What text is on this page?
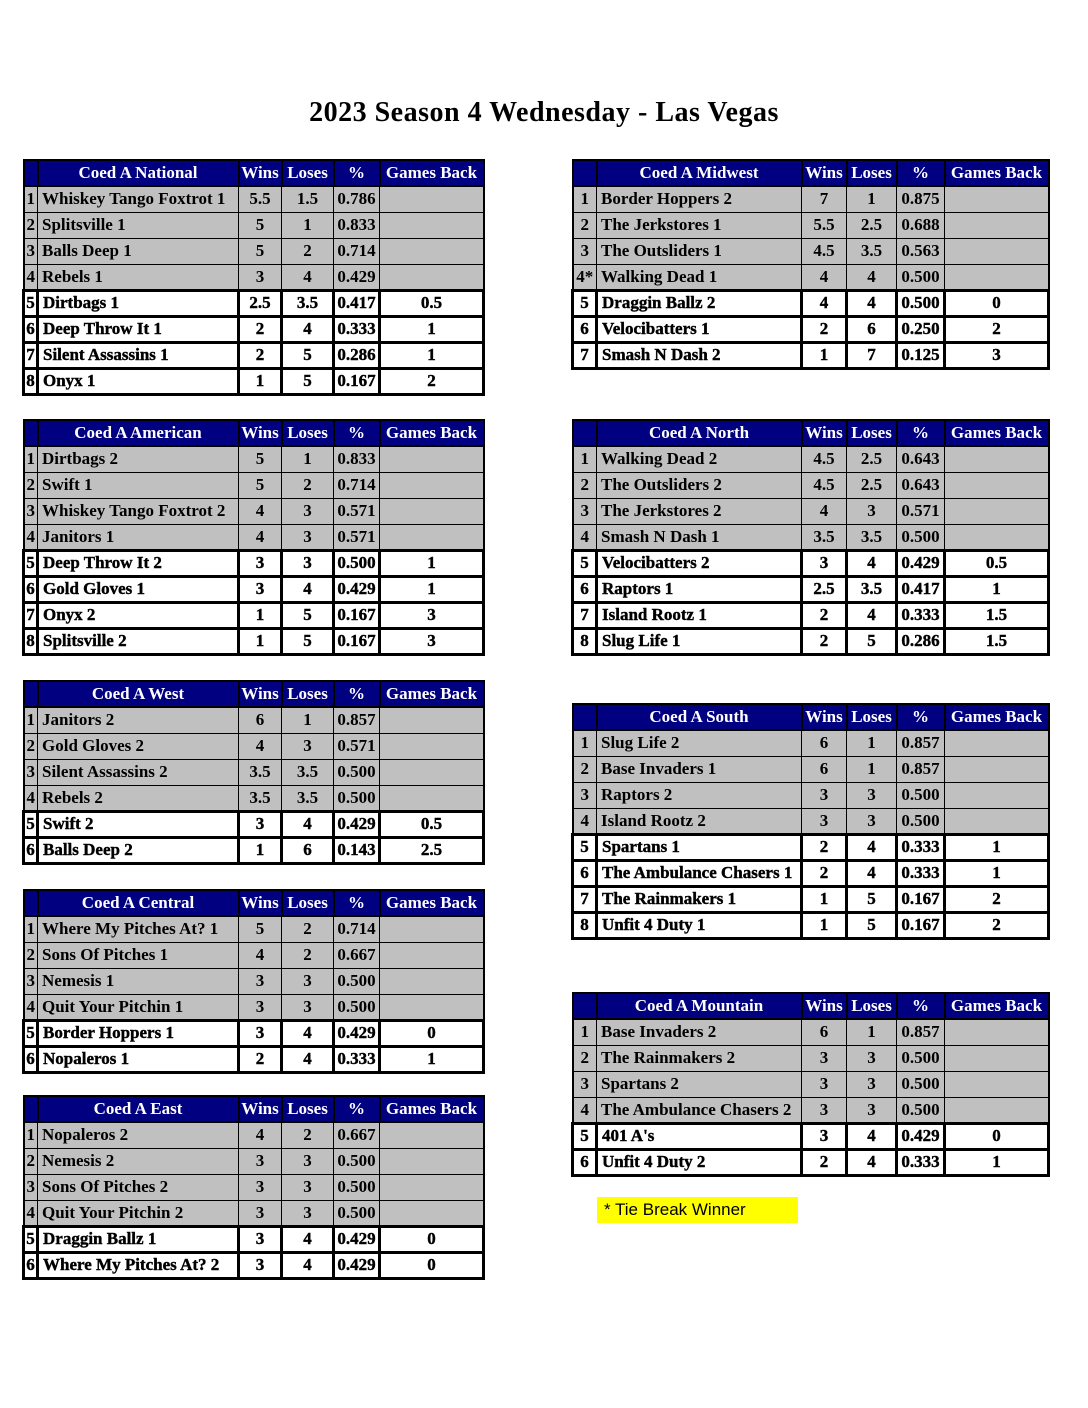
2023 Season 4 Wednesday - Las Vegas
	Coed A National	Wins	Loses	%	Games Back
1	Whiskey Tango Foxtrot 1	5.5	1.5	0.786	
2	Splitsville 1	5	1	0.833	
3	Balls Deep 1	5	2	0.714	
4	Rebels 1	3	4	0.429	
5	Dirtbags 1	2.5	3.5	0.417	0.5
6	Deep Throw It 1	2	4	0.333	1
7	Silent Assassins 1	2	5	0.286	1
8	Onyx 1	1	5	0.167	2
	Coed A Midwest	Wins	Loses	%	Games Back
1	Border Hoppers 2	7	1	0.875	
2	The Jerkstores 1	5.5	2.5	0.688	
3	The Outsliders 1	4.5	3.5	0.563	
4*	Walking Dead 1	4	4	0.500	
5	Draggin Ballz 2	4	4	0.500	0
6	Velocibatters 1	2	6	0.250	2
7	Smash N Dash 2	1	7	0.125	3
	Coed A American	Wins	Loses	%	Games Back
1	Dirtbags 2	5	1	0.833	
2	Swift 1	5	2	0.714	
3	Whiskey Tango Foxtrot 2	4	3	0.571	
4	Janitors 1	4	3	0.571	
5	Deep Throw It 2	3	3	0.500	1
6	Gold Gloves 1	3	4	0.429	1
7	Onyx 2	1	5	0.167	3
8	Splitsville 2	1	5	0.167	3
	Coed A North	Wins	Loses	%	Games Back
1	Walking Dead 2	4.5	2.5	0.643	
2	The Outsliders 2	4.5	2.5	0.643	
3	The Jerkstores 2	4	3	0.571	
4	Smash N Dash 1	3.5	3.5	0.500	
5	Velocibatters 2	3	4	0.429	0.5
6	Raptors 1	2.5	3.5	0.417	1
7	Island Rootz 1	2	4	0.333	1.5
8	Slug Life 1	2	5	0.286	1.5
	Coed A West	Wins	Loses	%	Games Back
1	Janitors 2	6	1	0.857	
2	Gold Gloves 2	4	3	0.571	
3	Silent Assassins 2	3.5	3.5	0.500	
4	Rebels 2	3.5	3.5	0.500	
5	Swift 2	3	4	0.429	0.5
6	Balls Deep 2	1	6	0.143	2.5
	Coed A South	Wins	Loses	%	Games Back
1	Slug Life 2	6	1	0.857	
2	Base Invaders 1	6	1	0.857	
3	Raptors 2	3	3	0.500	
4	Island Rootz 2	3	3	0.500	
5	Spartans 1	2	4	0.333	1
6	The Ambulance Chasers 1	2	4	0.333	1
7	The Rainmakers 1	1	5	0.167	2
8	Unfit 4 Duty 1	1	5	0.167	2
	Coed A Central	Wins	Loses	%	Games Back
1	Where My Pitches At? 1	5	2	0.714	
2	Sons Of Pitches 1	4	2	0.667	
3	Nemesis 1	3	3	0.500	
4	Quit Your Pitchin 1	3	3	0.500	
5	Border Hoppers 1	3	4	0.429	0
6	Nopaleros 1	2	4	0.333	1
	Coed A Mountain	Wins	Loses	%	Games Back
1	Base Invaders 2	6	1	0.857	
2	The Rainmakers 2	3	3	0.500	
3	Spartans 2	3	3	0.500	
4	The Ambulance Chasers 2	3	3	0.500	
5	401 A's	3	4	0.429	0
6	Unfit 4 Duty 2	2	4	0.333	1
	Coed A East	Wins	Loses	%	Games Back
1	Nopaleros 2	4	2	0.667	
2	Nemesis 2	3	3	0.500	
3	Sons Of Pitches 2	3	3	0.500	
4	Quit Your Pitchin 2	3	3	0.500	
5	Draggin Ballz 1	3	4	0.429	0
6	Where My Pitches At? 2	3	4	0.429	0
* Tie Break Winner
